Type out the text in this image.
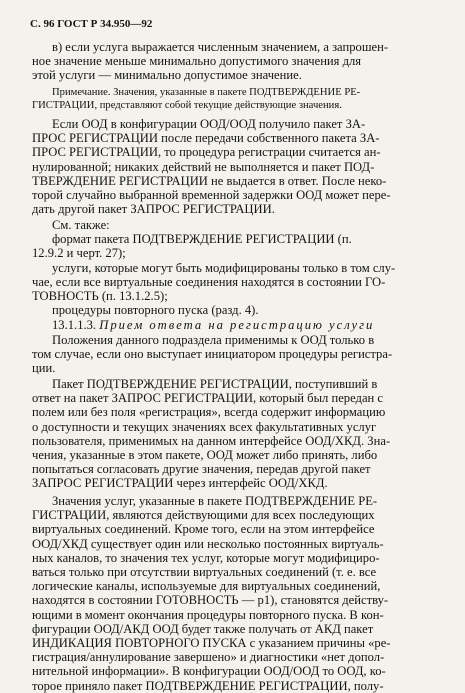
С. 96 ГОСТ Р 34.950—92

в) если услуга выражается численным значением, а запрошен-

ное значение меньше минимально допустимого значения для

этой услуги — минимально допустимое значение.

Примечание. Значения, указанные в пакете ПОДТВЕРЖДЕНИЕ РЕ-

ГИСТРАЦИИ, представляют собой текущие действующие значения.

Если ООД в конфигурации ООД/ООД получило пакет ЗА-

ПРОС РЕГИСТРАЦИИ после передачи собственного пакета ЗА-

ПРОС РЕГИСТРАЦИИ, то процедура регистрации считается ан-

нулированной; никаких действий не выполняется и пакет ПОД-

ТВЕРЖДЕНИЕ РЕГИСТРАЦИИ не выдается в ответ. После неко-

торой случайно выбранной временной задержки ООД может пере-

дать другой пакет ЗАПРОС РЕГИСТРАЦИИ.

См. также:

формат пакета ПОДТВЕРЖДЕНИЕ РЕГИСТРАЦИИ (п.

12.9.2 и черт. 27);

услуги, которые могут быть модифицированы только в том слу-

чае, если все виртуальные соединения находятся в состоянии ГО-

ТОВНОСТЬ (п. 13.1.2.5);

процедуры повторного пуска (разд. 4).

13.1.1.3. Прием ответа на регистрацию услуги

Положения данного подраздела применимы к ООД только в

том случае, если оно выступает инициатором процедуры регистра-

ции.

Пакет ПОДТВЕРЖДЕНИЕ РЕГИСТРАЦИИ, поступивший в

ответ на пакет ЗАПРОС РЕГИСТРАЦИИ, который был передан с

полем или без поля «регистрация», всегда содержит информацию

о доступности и текущих значениях всех факультативных услуг

пользователя, применимых на данном интерфейсе ООД/ХКД. Зна-

чения, указанные в этом пакете, ООД может либо принять, либо

попытаться согласовать другие значения, передав другой пакет

ЗАПРОС РЕГИСТРАЦИИ через интерфейс ООД/ХКД.

Значения услуг, указанные в пакете ПОДТВЕРЖДЕНИЕ РЕ-

ГИСТРАЦИИ, являются действующими для всех последующих

виртуальных соединений. Кроме того, если на этом интерфейсе

ООД/ХКД существует один или несколько постоянных виртуаль-

ных каналов, то значения тех услуг, которые могут модифициро-

ваться только при отсутствии виртуальных соединений (т. е. все

логические каналы, используемые для виртуальных соединений,

находятся в состоянии ГОТОВНОСТЬ — p1), становятся действу-

ющими в момент окончания процедуры повторного пуска. В кон-

фигурации ООД/АКД ООД будет также получать от АКД пакет

ИНДИКАЦИЯ ПОВТОРНОГО ПУСКА с указанием причины «ре-

гистрация/аннулирование завершено» и диагностики «нет допол-

нительной информации». В конфигурации ООД/ООД то ООД, ко-

торое приняло пакет ПОДТВЕРЖДЕНИЕ РЕГИСТРАЦИИ, полу-
